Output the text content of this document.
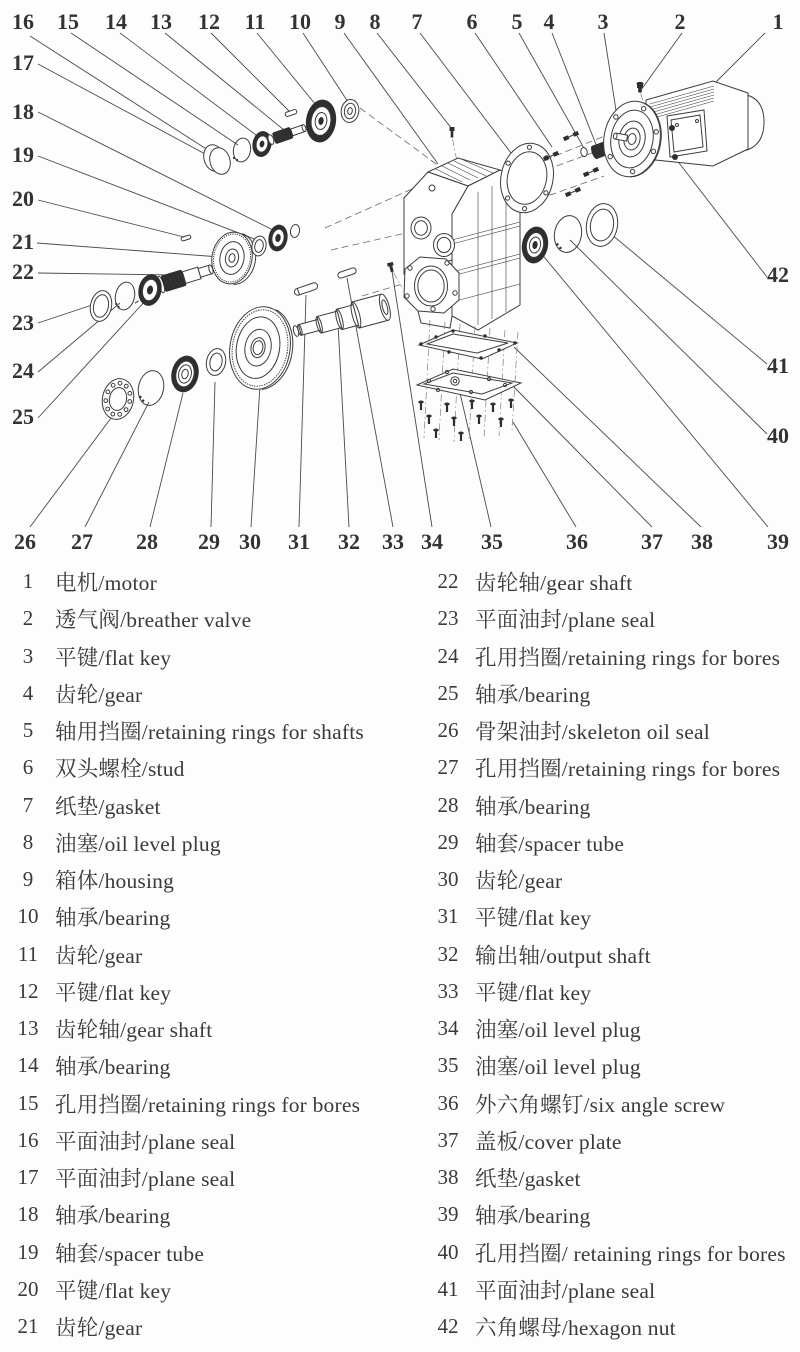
1
2
3
4
5
6
7
8
9
10
11
12
13
14
15
16
17
18
19
20
21
22
23
24
25
26 27 28 29 30 31 32 33 34 35	36 37 38 39
40
41
42
1	电机/motor
2	透气阀/breather valve
3	平键/flat key
4	齿轮/gear
5	轴用挡圈/retaining rings for shafts
6	双头螺栓/stud
7	纸垫/gasket
8	油塞/oil level plug
9	箱体/housing
10 轴承/bearing
11 齿轮/gear
12 平键/flat key
13 齿轮轴/gear shaft
14 轴承/bearing
15 孔用挡圈/retaining rings for bores
16 平面油封/plane seal
17 平面油封/plane seal
18 轴承/bearing
19 轴套/spacer tube
20 平键/flat key
21 齿轮/gear
22 齿轮轴/gear shaft
23 平面油封/plane seal
24 孔用挡圈/retaining rings for bores
25 轴承/bearing
26 骨架油封/skeleton oil seal
27 孔用挡圈/retaining rings for bores
28 轴承/bearing
29 轴套/spacer tube
30 齿轮/gear
31 平键/flat key
32 输出轴/output shaft
33 平键/flat key
34 油塞/oil level plug
35 油塞/oil level plug
36 外六角螺钉/six angle screw
37 盖板/cover plate
38 纸垫/gasket
39 轴承/bearing
40 孔用挡圈/ retaining rings for bores
41 平面油封/plane seal
42 六角螺母/hexagon nut
